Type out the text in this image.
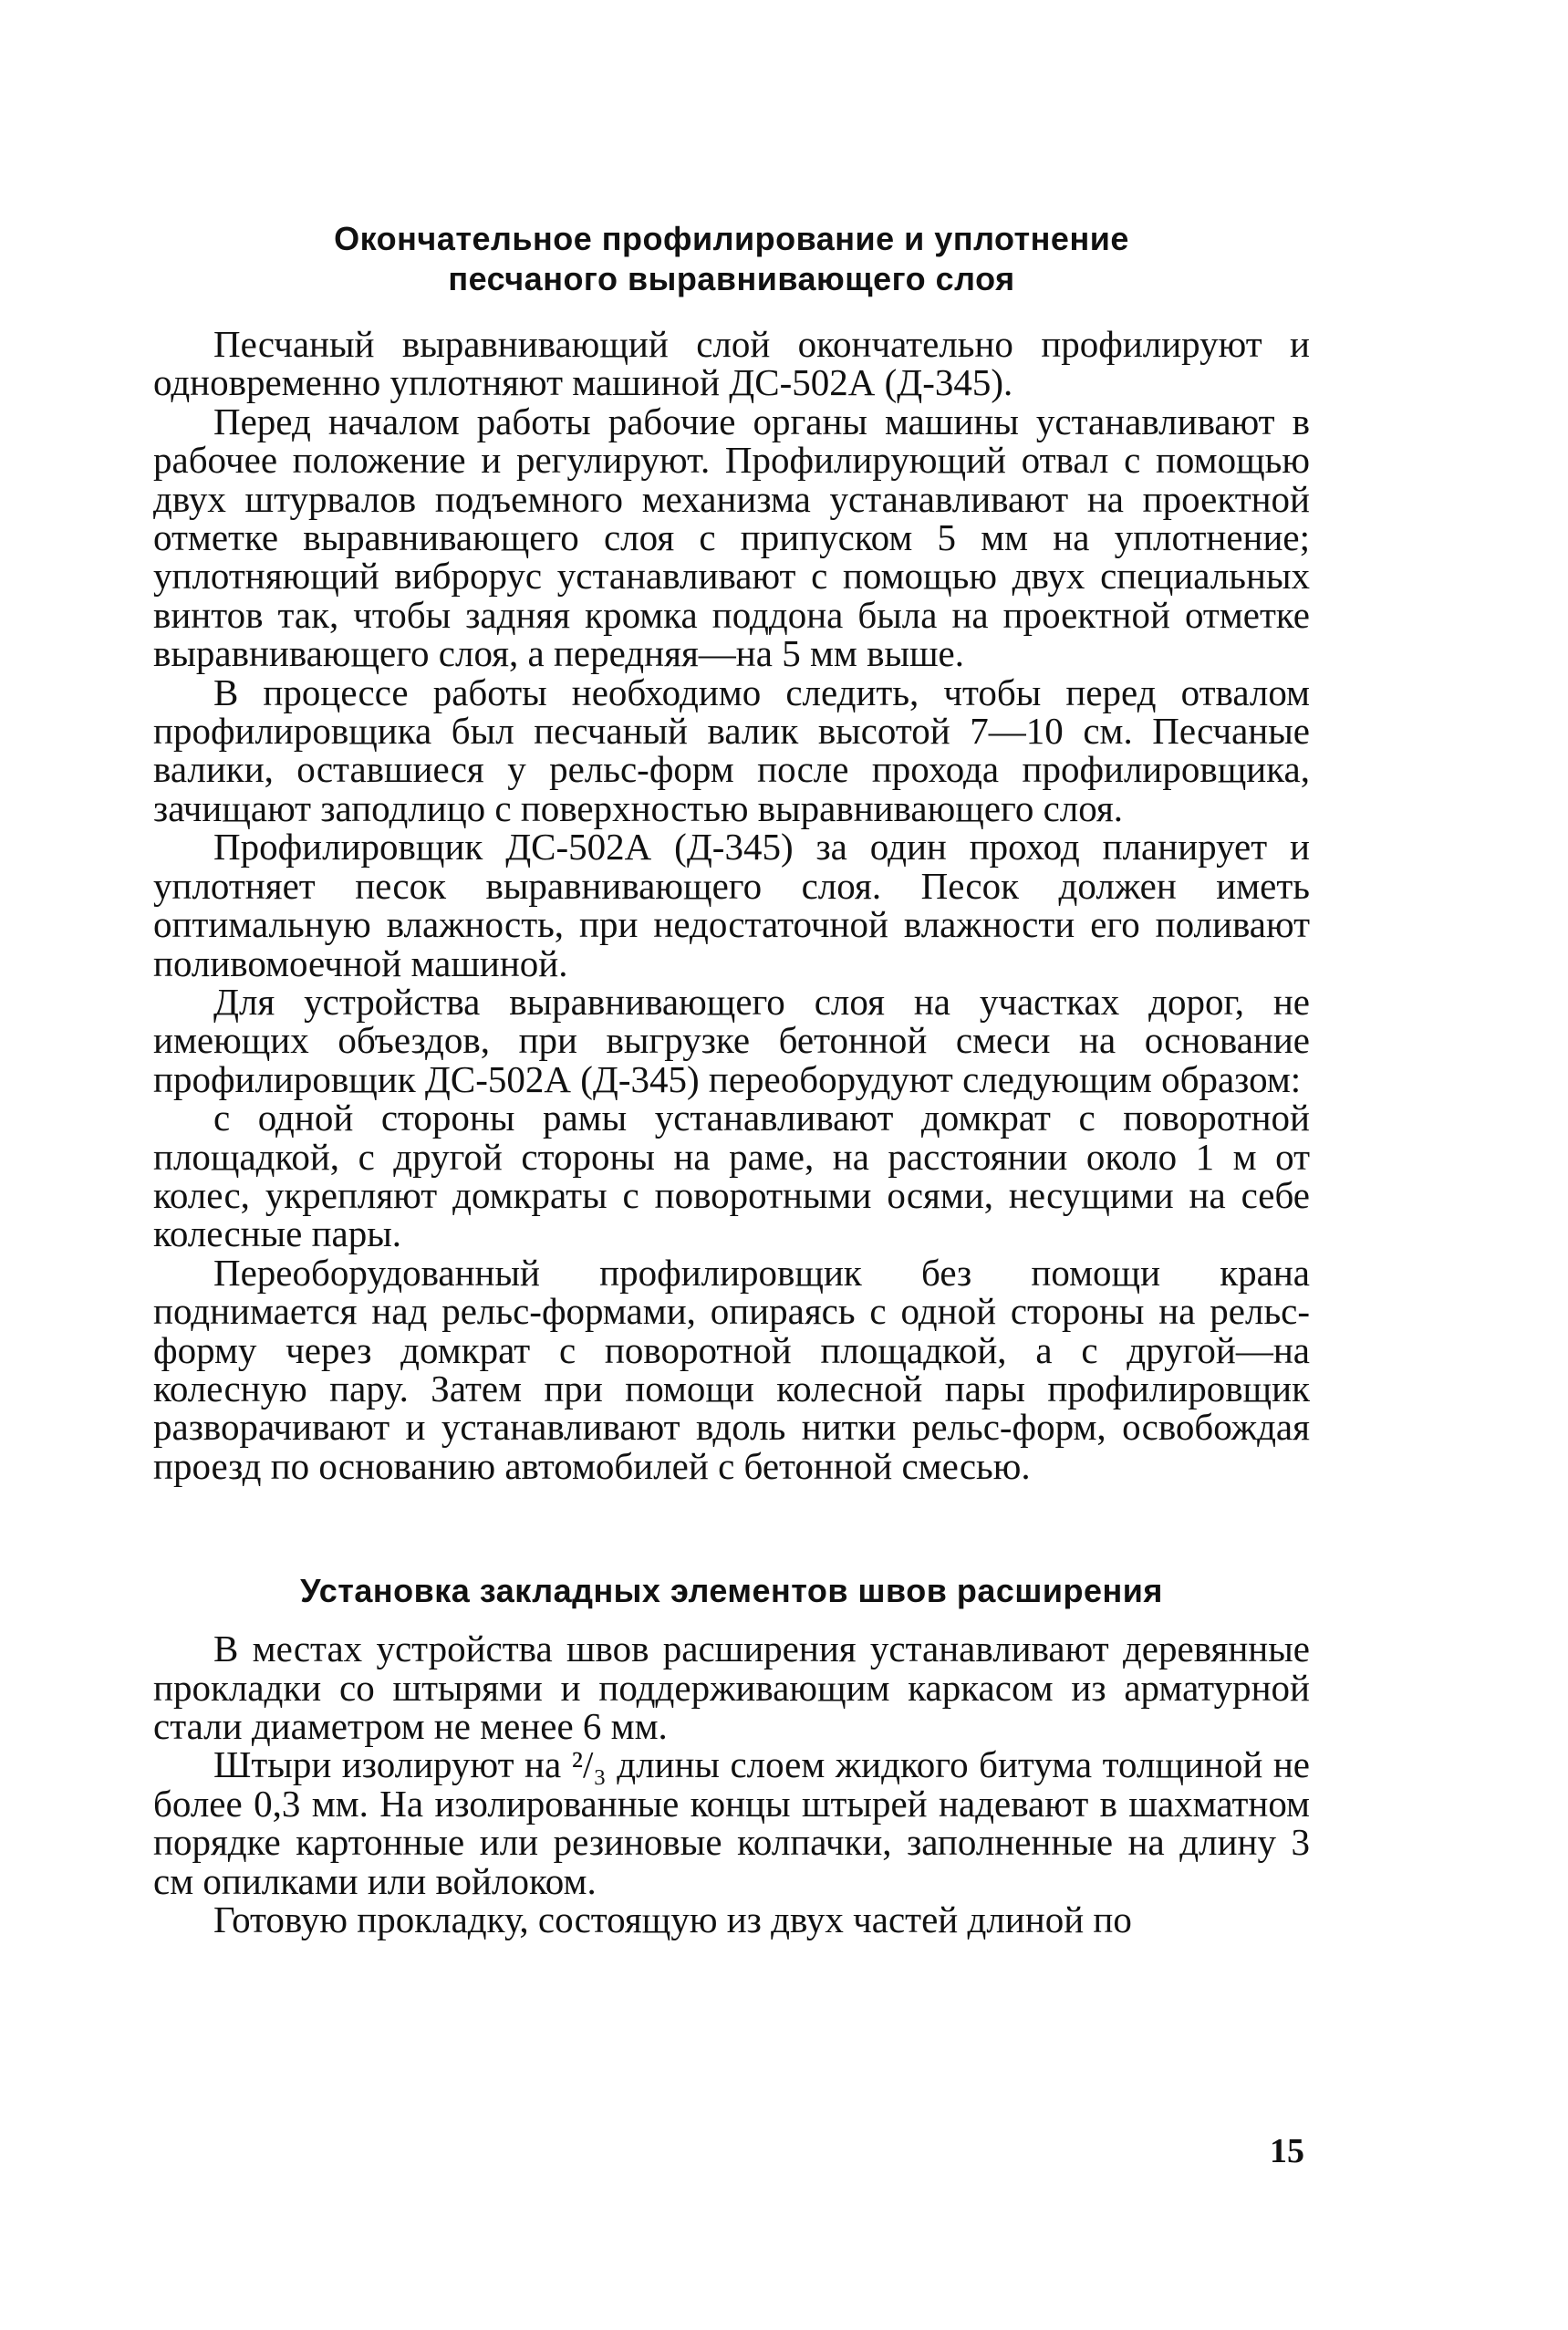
Окончательное профилирование и уплотнение
песчаного выравнивающего слоя

Песчаный выравнивающий слой окончательно профилируют и одновременно уплотняют машиной ДС-502А (Д-345).

Перед началом работы рабочие органы машины устанавливают в рабочее положение и регулируют. Профилирующий отвал с помощью двух штурвалов подъемного механизма устанавливают на проектной отметке выравнивающего слоя с припуском 5 мм на уплотнение; уплотняющий виброрус устанавливают с помощью двух специальных винтов так, чтобы задняя кромка поддона была на проектной отметке выравнивающего слоя, а передняя—на 5 мм выше.

В процессе работы необходимо следить, чтобы перед отвалом профилировщика был песчаный валик высотой 7—10 см. Песчаные валики, оставшиеся у рельс-форм после прохода профилировщика, зачищают заподлицо с поверхностью выравнивающего слоя.

Профилировщик ДС-502А (Д-345) за один проход планирует и уплотняет песок выравнивающего слоя. Песок должен иметь оптимальную влажность, при недостаточной влажности его поливают поливомоечной машиной.

Для устройства выравнивающего слоя на участках дорог, не имеющих объездов, при выгрузке бетонной смеси на основание профилировщик ДС-502А (Д-345) переоборудуют следующим образом:

с одной стороны рамы устанавливают домкрат с поворотной площадкой, с другой стороны на раме, на расстоянии около 1 м от колес, укрепляют домкраты с поворотными осями, несущими на себе колесные пары.

Переоборудованный профилировщик без помощи крана поднимается над рельс-формами, опираясь с одной стороны на рельс-форму через домкрат с поворотной площадкой, а с другой—на колесную пару. Затем при помощи колесной пары профилировщик разворачивают и устанавливают вдоль нитки рельс-форм, освобождая проезд по основанию автомобилей с бетонной смесью.

Установка закладных элементов швов расширения

В местах устройства швов расширения устанавливают деревянные прокладки со штырями и поддерживающим каркасом из арматурной стали диаметром не менее 6 мм.

Штыри изолируют на ²/₃ длины слоем жидкого битума толщиной не более 0,3 мм. На изолированные концы штырей надевают в шахматном порядке картонные или резиновые колпачки, заполненные на длину 3 см опилками или войлоком.

Готовую прокладку, состоящую из двух частей длиной по

15
